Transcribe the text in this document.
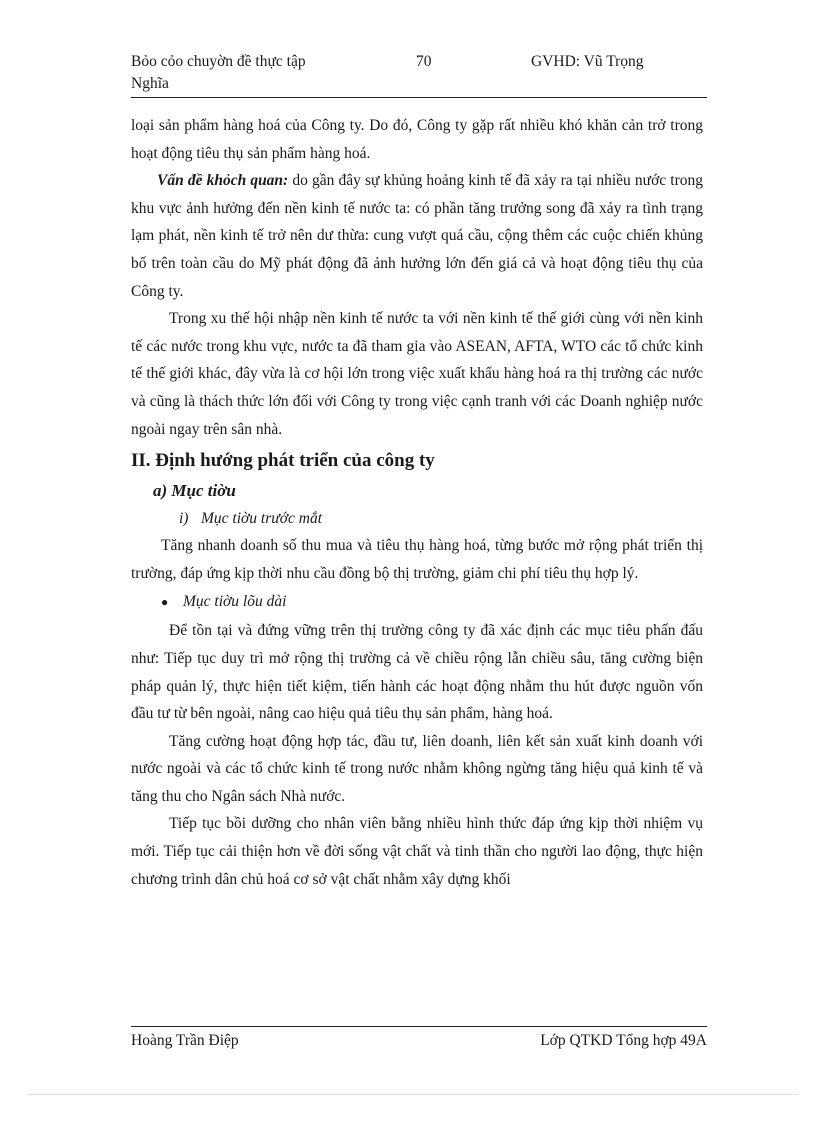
Bỏo cỏo chuyờn đề thực tập
Nghĩa
70	GVHD: Vũ Trọng

loại sản phẩm hàng hoá của Công ty. Do đó, Công ty gặp rất nhiều khó khăn cản trở trong hoạt động tiêu thụ sản phẩm hàng hoá.

Vấn đề khỏch quan: do gần đây sự khủng hoảng kinh tế đã xảy ra tại nhiều nước trong khu vực ảnh hưởng đến nền kinh tế nước ta: có phần tăng trưởng song đã xảy ra tình trạng lạm phát, nền kinh tế trở nên dư thừa: cung vượt quá cầu, cộng thêm các cuộc chiến khủng bố trên toàn cầu do Mỹ phát động đã ảnh hưởng lớn đến giá cả và hoạt động tiêu thụ của Công ty.

Trong xu thế hội nhập nền kinh tế nước ta với nền kinh tế thế giới cùng với nền kinh tế các nước trong khu vực, nước ta đã tham gia vào ASEAN, AFTA, WTO các tổ chức kinh tế thế giới khác, đây vừa là cơ hội lớn trong việc xuất khẩu hàng hoá ra thị trường các nước và cũng là thách thức lớn đối với Công ty trong việc cạnh tranh với các Doanh nghiệp nước ngoài ngay trên sân nhà.

II. Định hướng phát triển của công ty
a) Mục tiờu
i) Mục tiờu trước mắt

Tăng nhanh doanh số thu mua và tiêu thụ hàng hoá, từng bước mở rộng phát triển thị trường, đáp ứng kịp thời nhu cầu đồng bộ thị trường, giảm chi phí tiêu thụ hợp lý.

● Mục tiờu lõu dài

Để tồn tại và đứng vững trên thị trường công ty đã xác định các mục tiêu phấn đấu như: Tiếp tục duy trì mở rộng thị trường cả về chiều rộng lẫn chiều sâu, tăng cường biện pháp quản lý, thực hiện tiết kiệm, tiến hành các hoạt động nhằm thu hút được nguồn vốn đầu tư từ bên ngoài, nâng cao hiệu quả tiêu thụ sản phẩm, hàng hoá.

Tăng cường hoạt động hợp tác, đầu tư, liên doanh, liên kết sản xuất kinh doanh với nước ngoài và các tổ chức kinh tế trong nước nhằm không ngừng tăng hiệu quả kinh tế và tăng thu cho Ngân sách Nhà nước.

Tiếp tục bồi dưỡng cho nhân viên bằng nhiều hình thức đáp ứng kịp thời nhiệm vụ mới. Tiếp tục cải thiện hơn về đời sống vật chất và tinh thần cho người lao động, thực hiện chương trình dân chủ hoá cơ sở vật chất nhằm xây dựng khối

Hoàng Trần Điệp	Lớp QTKD Tổng hợp 49A
